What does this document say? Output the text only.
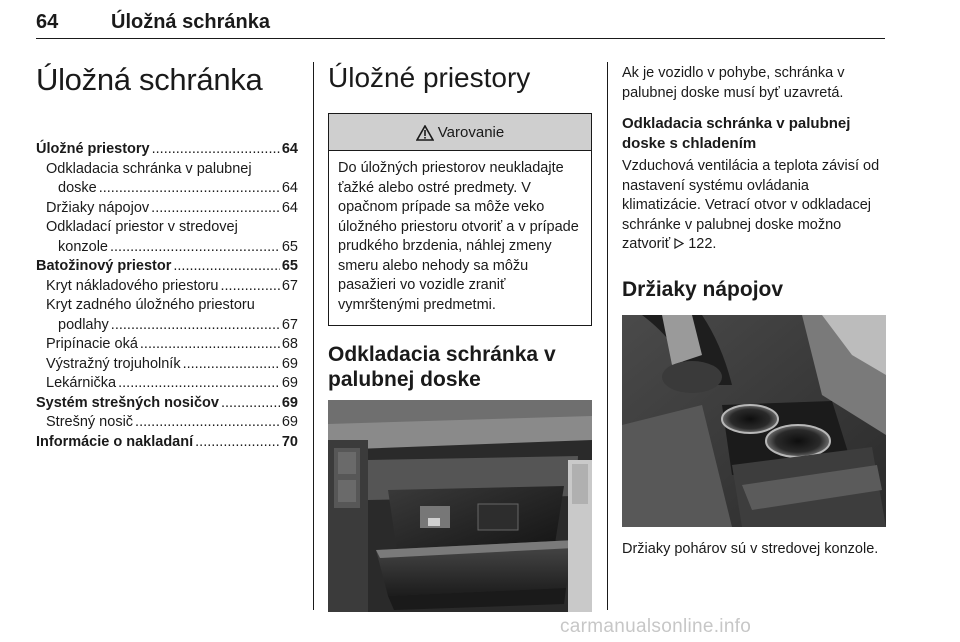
64	Úložná schránka
Úložná schránka
Úložné priestory .....	64
Odkladacia schránka v palubnej
doske .....	64
Držiaky nápojov .....	64
Odkladací priestor v stredovej
konzole .....	65
Batožinový priestor .....	65
Kryt nákladového priestoru .....	67
Kryt zadného úložného priestoru
podlahy .....	67
Pripínacie oká .....	68
Výstražný trojuholník .....	69
Lekárnička .....	69
Systém strešných nosičov .....	69
Strešný nosič .....	69
Informácie o nakladaní .....	70
Úložné priestory
Varovanie
Do úložných priestorov neukladajte ťažké alebo ostré predmety. V opačnom prípade sa môže veko úložného priestoru otvoriť a v prípade prudkého brzdenia, náhlej zmeny smeru alebo nehody sa môžu pasažieri vo vozidle zraniť vymrštenými predmetmi.
Odkladacia schránka v palubnej doske

Ak je vozidlo v pohybe, schránka v palubnej doske musí byť uzavretá.

Odkladacia schránka v palubnej doske s chladením

Vzduchová ventilácia a teplota závisí od nastavení systému ovládania klimatizácie. Vetrací otvor v odkladacej schránke v palubnej doske možno zatvoriť 122.

Držiaky nápojov

Držiaky pohárov sú v stredovej konzole.

carmanualsonline.info
